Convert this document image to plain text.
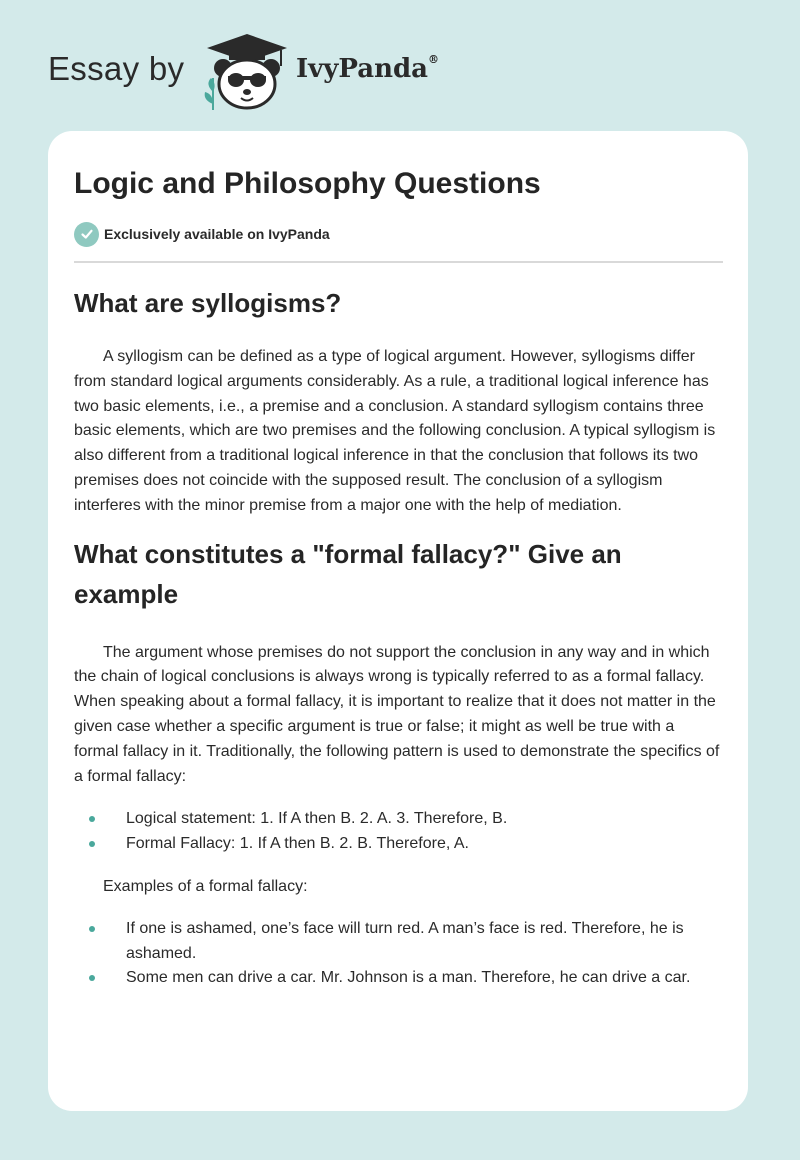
Essay by	IvyPanda®
Logic and Philosophy Questions
Exclusively available on IvyPanda
What are syllogisms?

A syllogism can be defined as a type of logical argument. However, syllogisms differ from standard logical arguments considerably. As a rule, a traditional logical inference has two basic elements, i.e., a premise and a conclusion. A standard syllogism contains three basic elements, which are two premises and the following conclusion. A typical syllogism is also different from a traditional logical inference in that the conclusion that follows its two premises does not coincide with the supposed result. The conclusion of a syllogism interferes with the minor premise from a major one with the help of mediation.

What constitutes a "formal fallacy?" Give an example

The argument whose premises do not support the conclusion in any way and in which the chain of logical conclusions is always wrong is typically referred to as a formal fallacy. When speaking about a formal fallacy, it is important to realize that it does not matter in the given case whether a specific argument is true or false; it might as well be true with a formal fallacy in it. Traditionally, the following pattern is used to demonstrate the specifics of a formal fallacy:

Logical statement: 1. If A then B. 2. A. 3. Therefore, B.
Formal Fallacy: 1. If A then B. 2. B. Therefore, A.

Examples of a formal fallacy:

If one is ashamed, one’s face will turn red. A man’s face is red. Therefore, he is ashamed.
Some men can drive a car. Mr. Johnson is a man. Therefore, he can drive a car.
